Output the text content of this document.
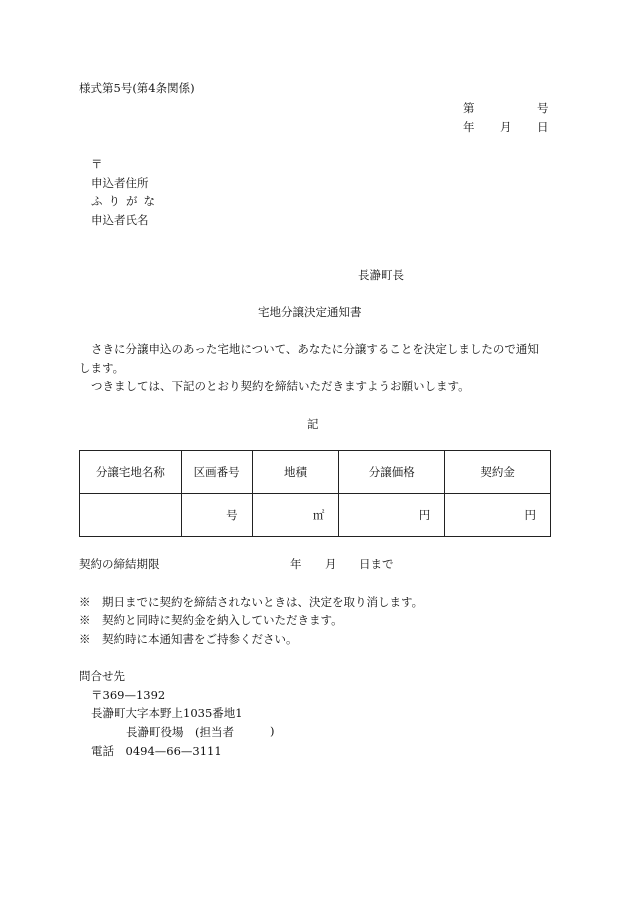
様式第5号(第4条関係)
第	号
年 月 日
〒
申込者住所
ふりがな
申込者氏名
長瀞町長
宅地分譲決定通知書
さきに分譲申込のあった宅地について、あなたに分譲することを決定しましたので通知
します。
つきましては、下記のとおり契約を締結いただきますようお願いします。
記
分譲宅地名称	区画番号	地積	分譲価格	契約金
	号	㎡	円	円
契約の締結期限	年 月 日まで
※　期日までに契約を締結されないときは、決定を取り消します。
※　契約と同時に契約金を納入していただきます。
※　契約時に本通知書をご持参ください。
問合せ先
〒369—1392
長瀞町大字本野上1035番地1
長瀞町役場　(担当者	)
電話　0494—66—3111
